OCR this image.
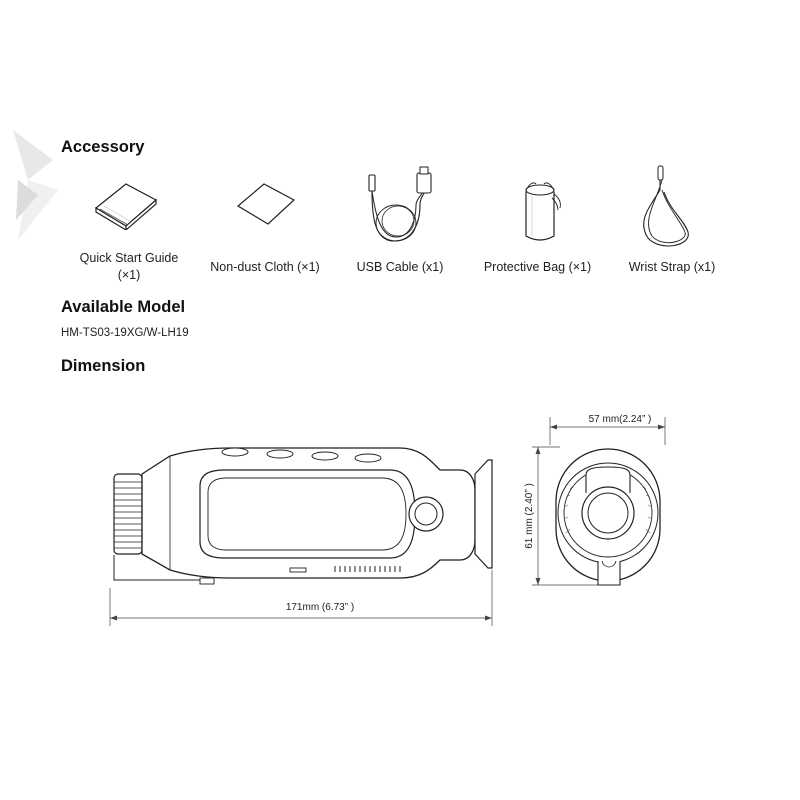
Accessory
Quick Start Guide
(×1)
Non-dust Cloth (×1)	USB Cable (x1)	Protective Bag (×1)	Wrist Strap (x1)
Available Model
HM-TS03-19XG/W-LH19
Dimension
171mm (6.73” )
57 mm(2.24” )
61 mm (2.40” )
